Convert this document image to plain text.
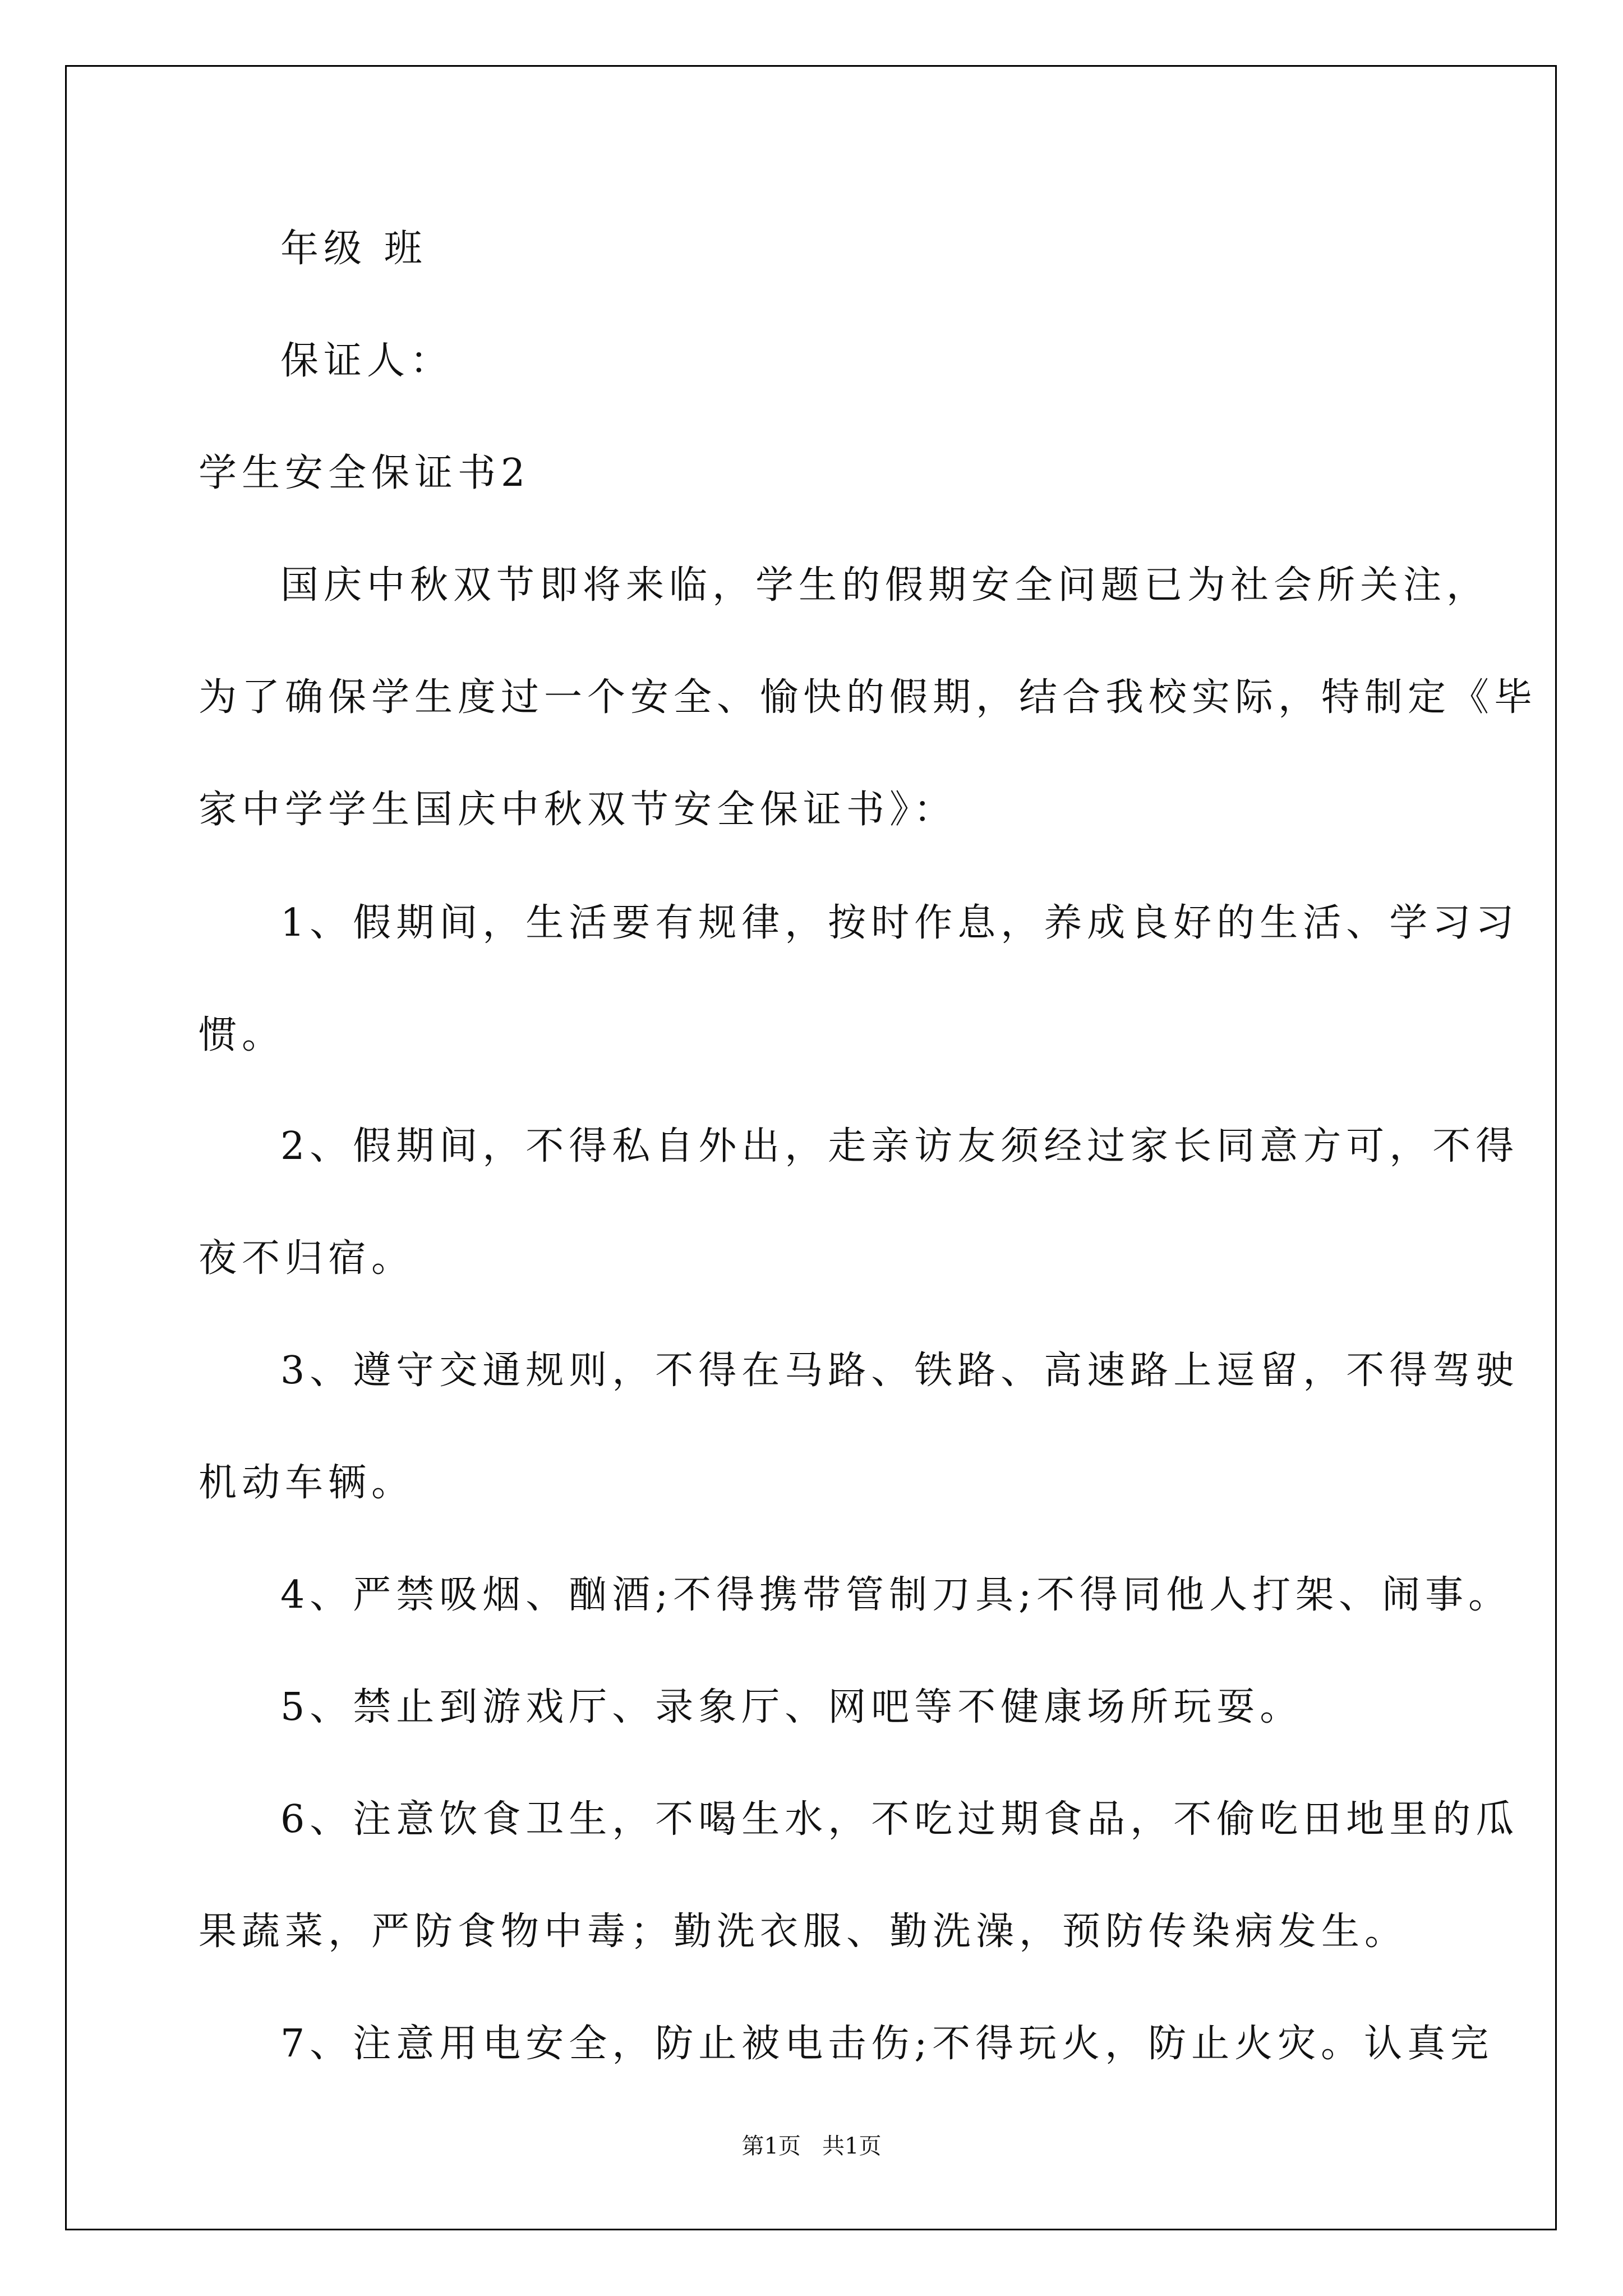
年级 班

保证人：

学生安全保证书2

国庆中秋双节即将来临，学生的假期安全问题已为社会所关注，

为了确保学生度过一个安全、愉快的假期，结合我校实际，特制定《毕

家中学学生国庆中秋双节安全保证书》：

1、假期间，生活要有规律，按时作息，养成良好的生活、学习习

惯。

2、假期间，不得私自外出，走亲访友须经过家长同意方可，不得

夜不归宿。

3、遵守交通规则，不得在马路、铁路、高速路上逗留，不得驾驶

机动车辆。

4、严禁吸烟、酗酒;不得携带管制刀具;不得同他人打架、闹事。

5、禁止到游戏厅、录象厅、网吧等不健康场所玩耍。

6、注意饮食卫生，不喝生水，不吃过期食品，不偷吃田地里的瓜

果蔬菜，严防食物中毒；勤洗衣服、勤洗澡，预防传染病发生。

7、注意用电安全，防止被电击伤;不得玩火，防止火灾。认真完

第1页   共1页
